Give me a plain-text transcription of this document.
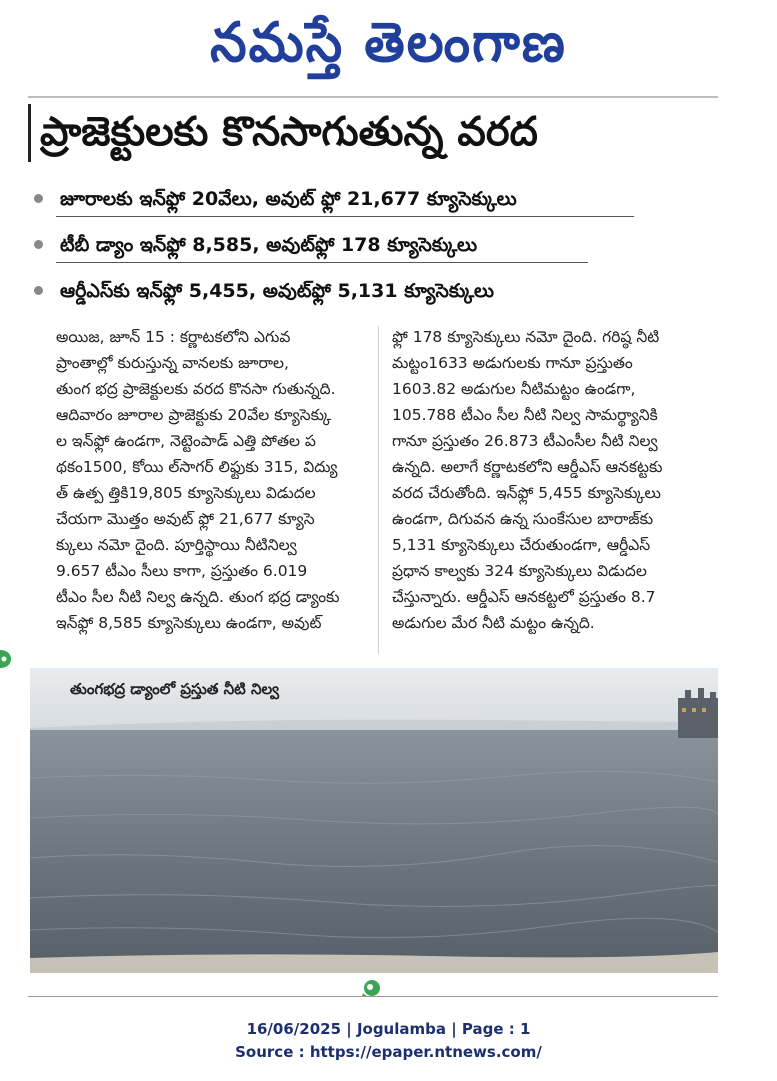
నమస్తే తెలంగాణ
ప్రాజెక్టులకు కొనసాగుతున్న వరద
జూరాలకు ఇన్‌ఫ్లో 20వేలు, అవుట్ ఫ్లో 21,677 క్యూసెక్కులు
టీబీ డ్యాం ఇన్‌ఫ్లో 8,585, అవుట్‌ఫ్లో 178 క్యూసెక్కులు
ఆర్డీఎస్‌కు ఇన్‌ఫ్లో 5,455, అవుట్‌ఫ్లో 5,131 క్యూసెక్కులు
అయిజ, జూన్ 15 : కర్ణాటకలోని ఎగువ
ప్రాంతాల్లో కురుస్తున్న వానలకు జూరాల,
తుంగ భద్ర ప్రాజెక్టులకు వరద కొనసా గుతున్నది.
ఆదివారం జూరాల ప్రాజెక్టుకు 20వేల క్యూసెక్కు
ల ఇన్‌ఫ్లో ఉండగా, నెట్టెంపాడ్ ఎత్తి పోతల ప
థకం1500, కోయి ల్‌సాగర్ లిఫ్టుకు 315, విద్యు
త్ ఉత్ప త్తికి19,805 క్యూసెక్కులు విడుదల
చేయగా మొత్తం అవుట్ ఫ్లో 21,677 క్యూసె
క్కులు నమో దైంది. పూర్తిస్థాయి నీటినిల్వ
9.657 టీఎం సీలు కాగా, ప్రస్తుతం 6.019
టీఎం సీల నీటి నిల్వ ఉన్నది. తుంగ భద్ర డ్యాంకు
ఇన్‌ఫ్లో 8,585 క్యూసెక్కులు ఉండగా, అవుట్
ఫ్లో 178 క్యూసెక్కులు నమో దైంది. గరిష్ఠ నీటి
మట్టం1633 అడుగులకు గానూ ప్రస్తుతం
1603.82 అడుగుల నీటిమట్టం ఉండగా,
105.788 టీఎం సీల నీటి నిల్వ సామర్థ్యానికి
గానూ ప్రస్తుతం 26.873 టీఎంసీల నీటి నిల్వ
ఉన్నది. అలాగే కర్ణాటకలోని ఆర్డీఎస్ ఆనకట్టకు
వరద చేరుతోంది. ఇన్‌ఫ్లో 5,455 క్యూసెక్కులు
ఉండగా, దిగువన ఉన్న సుంకేసుల బారాజ్‌కు
5,131 క్యూసెక్కులు చేరుతుండగా, ఆర్డీఎస్
ప్రధాన కాల్వకు 324 క్యూసెక్కులు విడుదల
చేస్తున్నారు. ఆర్డీఎస్ ఆనకట్టలో ప్రస్తుతం 8.7
అడుగుల మేర నీటి మట్టం ఉన్నది.
తుంగభద్ర డ్యాంలో ప్రస్తుత నీటి నిల్వ
16/06/2025 | Jogulamba | Page : 1
Source : https://epaper.ntnews.com/
